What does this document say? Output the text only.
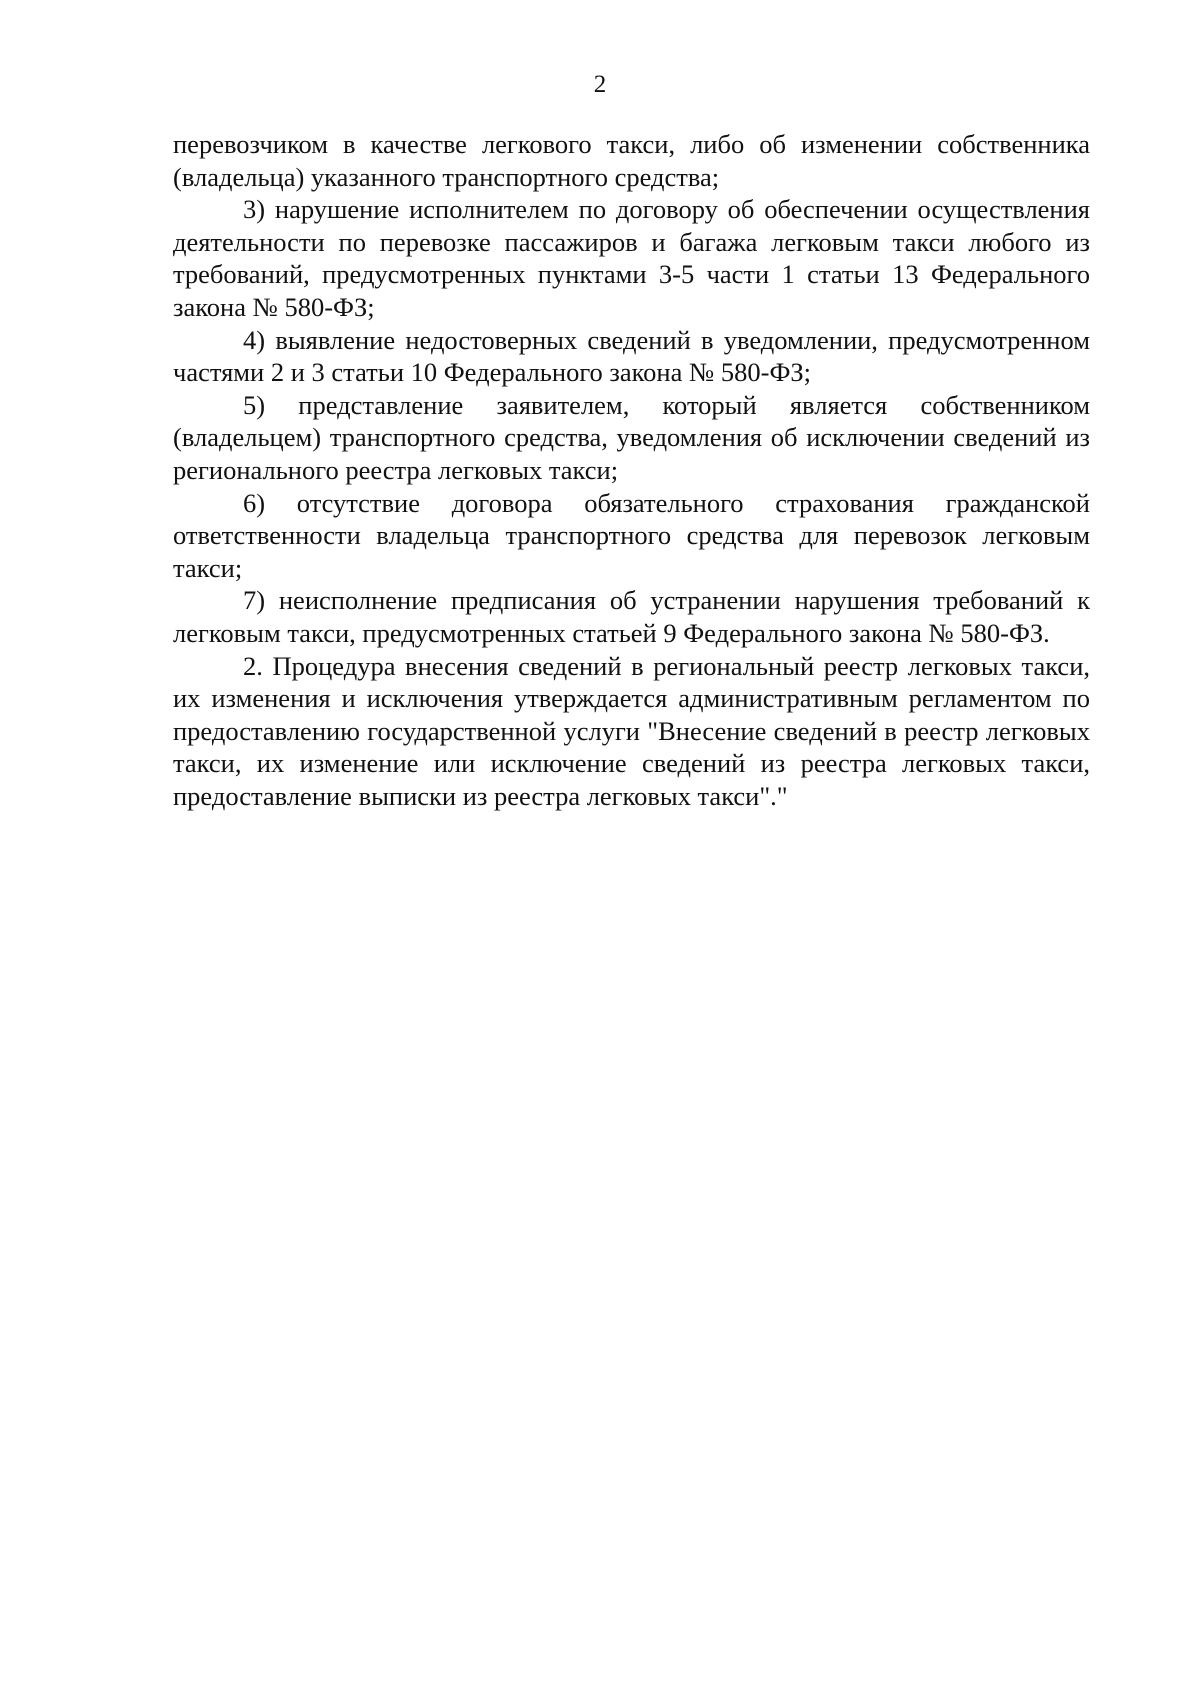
2

перевозчиком в качестве легкового такси, либо об изменении собственника (владельца) указанного транспортного средства;

3) нарушение исполнителем по договору об обеспечении осуществления деятельности по перевозке пассажиров и багажа легковым такси любого из требований, предусмотренных пунктами 3-5 части 1 статьи 13 Федерального закона № 580-ФЗ;

4) выявление недостоверных сведений в уведомлении, предусмотренном частями 2 и 3 статьи 10 Федерального закона № 580-ФЗ;

5) представление заявителем, который является собственником (владельцем) транспортного средства, уведомления об исключении сведений из регионального реестра легковых такси;

6) отсутствие договора обязательного страхования гражданской ответственности владельца транспортного средства для перевозок легковым такси;

7) неисполнение предписания об устранении нарушения требований к легковым такси, предусмотренных статьей 9 Федерального закона № 580-ФЗ.

2. Процедура внесения сведений в региональный реестр легковых такси, их изменения и исключения утверждается административным регламентом по предоставлению государственной услуги "Внесение сведений в реестр легковых такси, их изменение или исключение сведений из реестра легковых такси, предоставление выписки из реестра легковых такси"."
